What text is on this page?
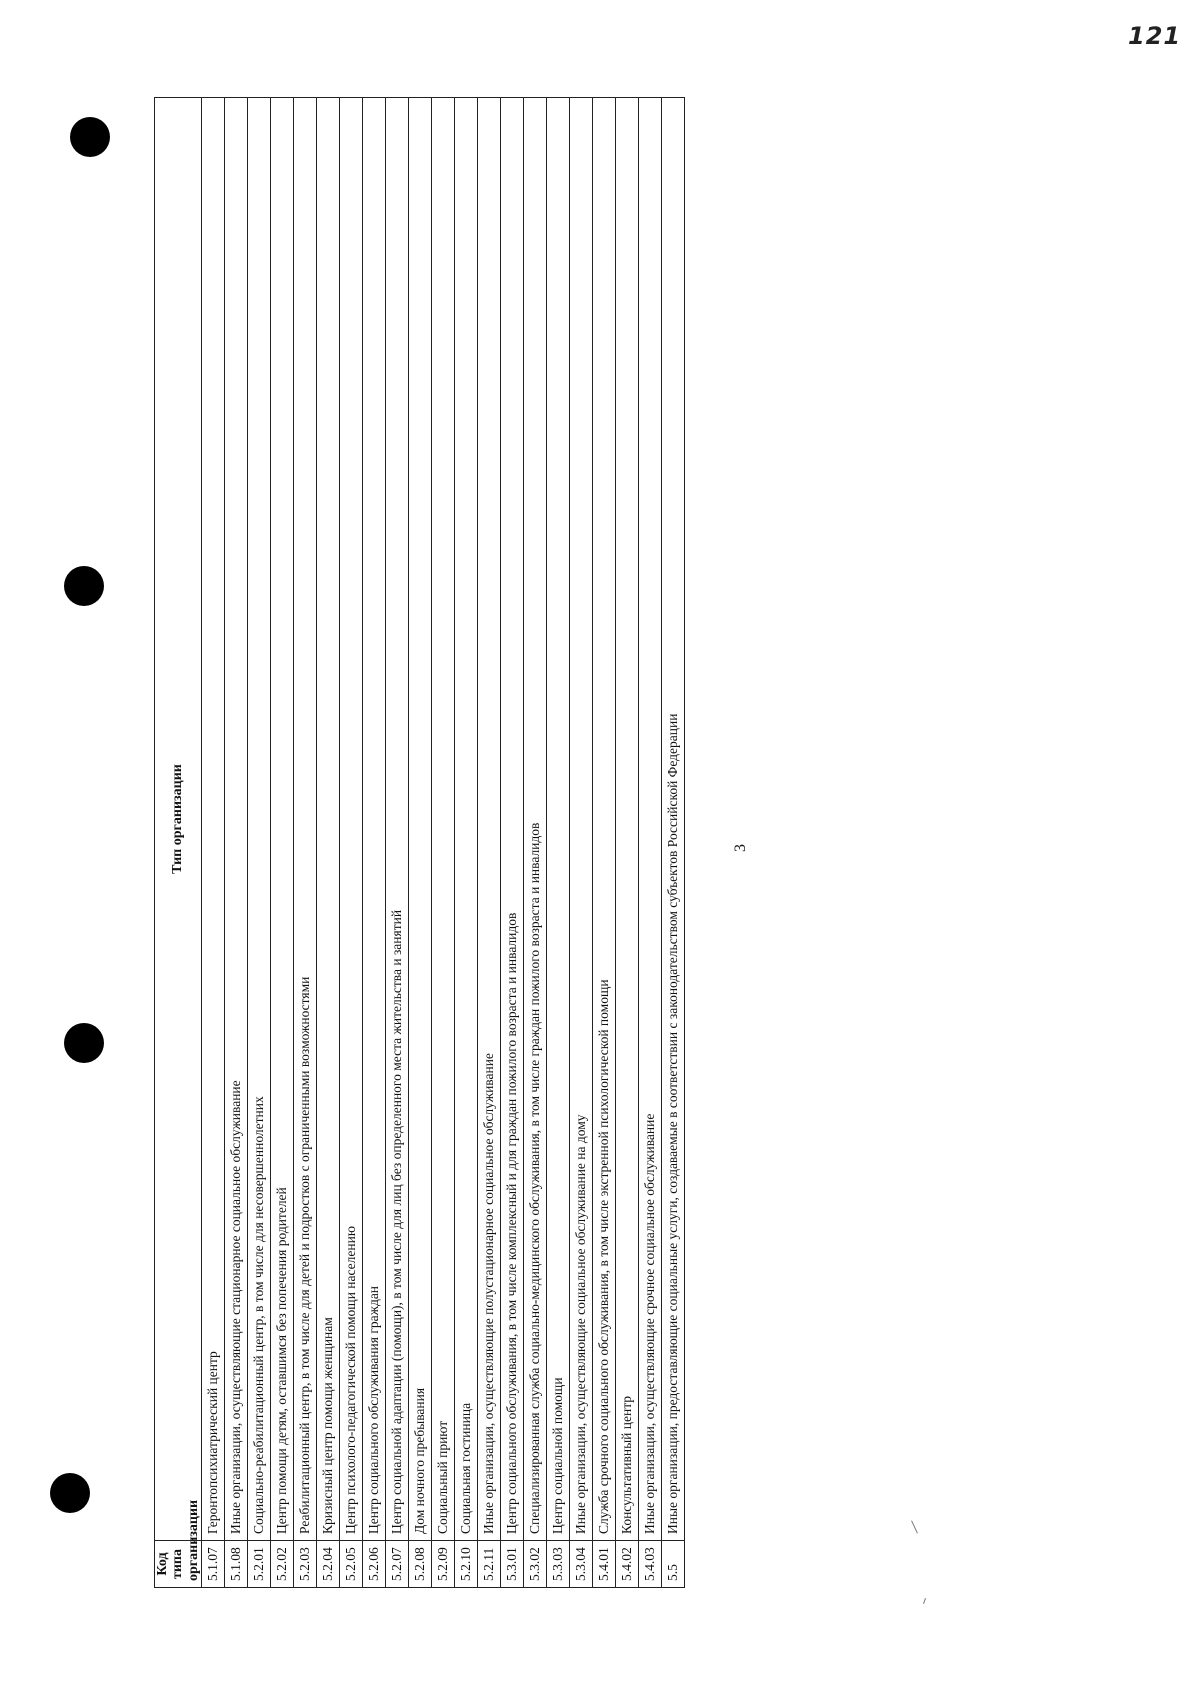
121
3
Код типа организации	Тип организации
5.1.07	Геронтопсихиатрический центр
5.1.08	Иные организации, осуществляющие стационарное социальное обслуживание
5.2.01	Социально-реабилитационный центр, в том числе для несовершеннолетних
5.2.02	Центр помощи детям, оставшимся без попечения родителей
5.2.03	Реабилитационный центр, в том числе для детей и подростков с ограниченными возможностями
5.2.04	Кризисный центр помощи женщинам
5.2.05	Центр психолого-педагогической помощи населению
5.2.06	Центр социального обслуживания граждан
5.2.07	Центр социальной адаптации (помощи), в том числе для лиц без определенного места жительства и занятий
5.2.08	Дом ночного пребывания
5.2.09	Социальный приют
5.2.10	Социальная гостиница
5.2.11	Иные организации, осуществляющие полустационарное социальное обслуживание
5.3.01	Центр социального обслуживания, в том числе комплексный и для граждан пожилого возраста и инвалидов
5.3.02	Специализированная служба социально-медицинского обслуживания, в том числе граждан пожилого возраста и инвалидов
5.3.03	Центр социальной помощи
5.3.04	Иные организации, осуществляющие социальное обслуживание на дому
5.4.01	Служба срочного социального обслуживания, в том числе экстренной психологической помощи
5.4.02	Консультативный центр
5.4.03	Иные организации, осуществляющие срочное социальное обслуживание
5.5	Иные организации, предоставляющие социальные услуги, создаваемые в соответствии с законодательством субъектов Российской Федерации
